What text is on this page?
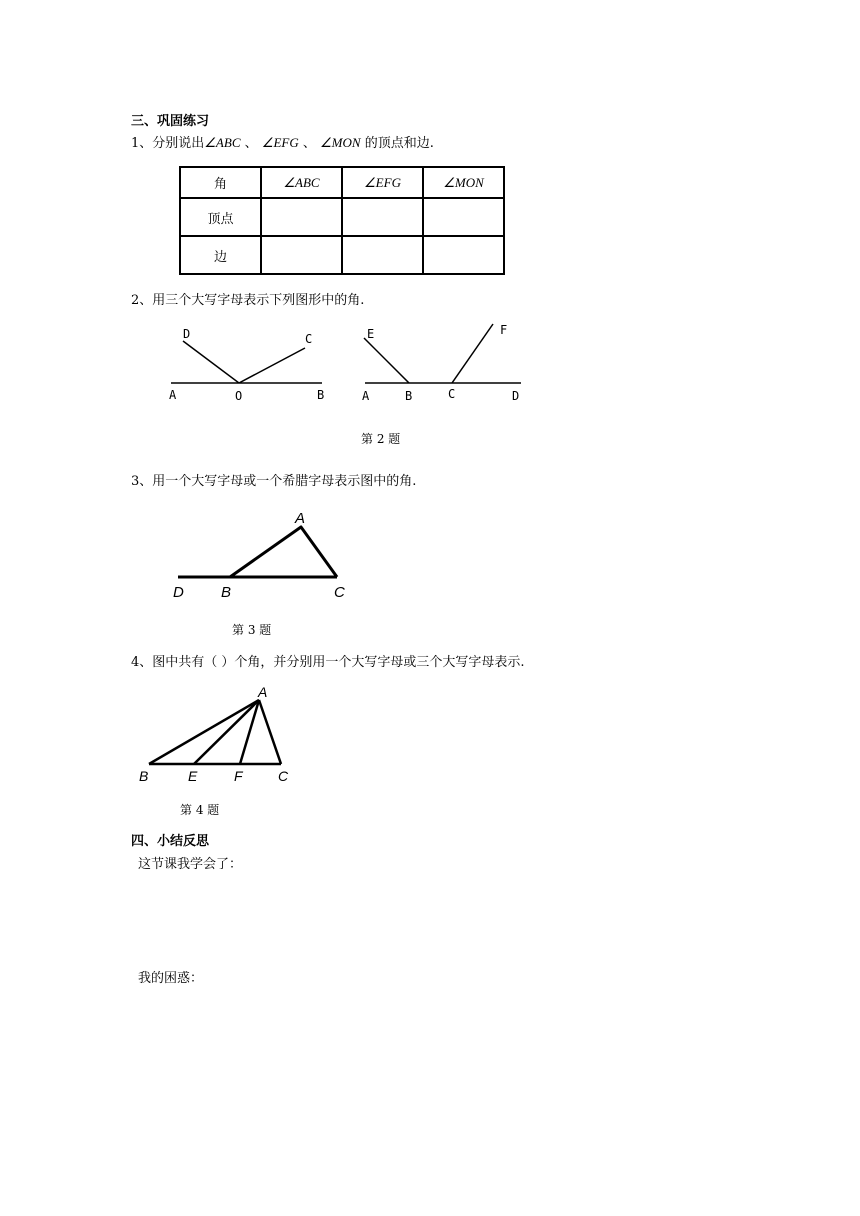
三、巩固练习
1、分别说出∠ABC 、 ∠EFG 、 ∠MON 的顶点和边.
角	∠ABC	∠EFG	∠MON
顶点			
边			
2、用三个大写字母表示下列图形中的角.
D	C
A	O	B
E	F
A	B	C	D
第 2 题
3、用一个大写字母或一个希腊字母表示图中的角.
A
D B	C
第 3 题
4、图中共有（ ）个角，并分别用一个大写字母或三个大写字母表示.
A
B	E	F	C
第 4 题
四、小结反思
这节课我学会了：
我的困惑：
